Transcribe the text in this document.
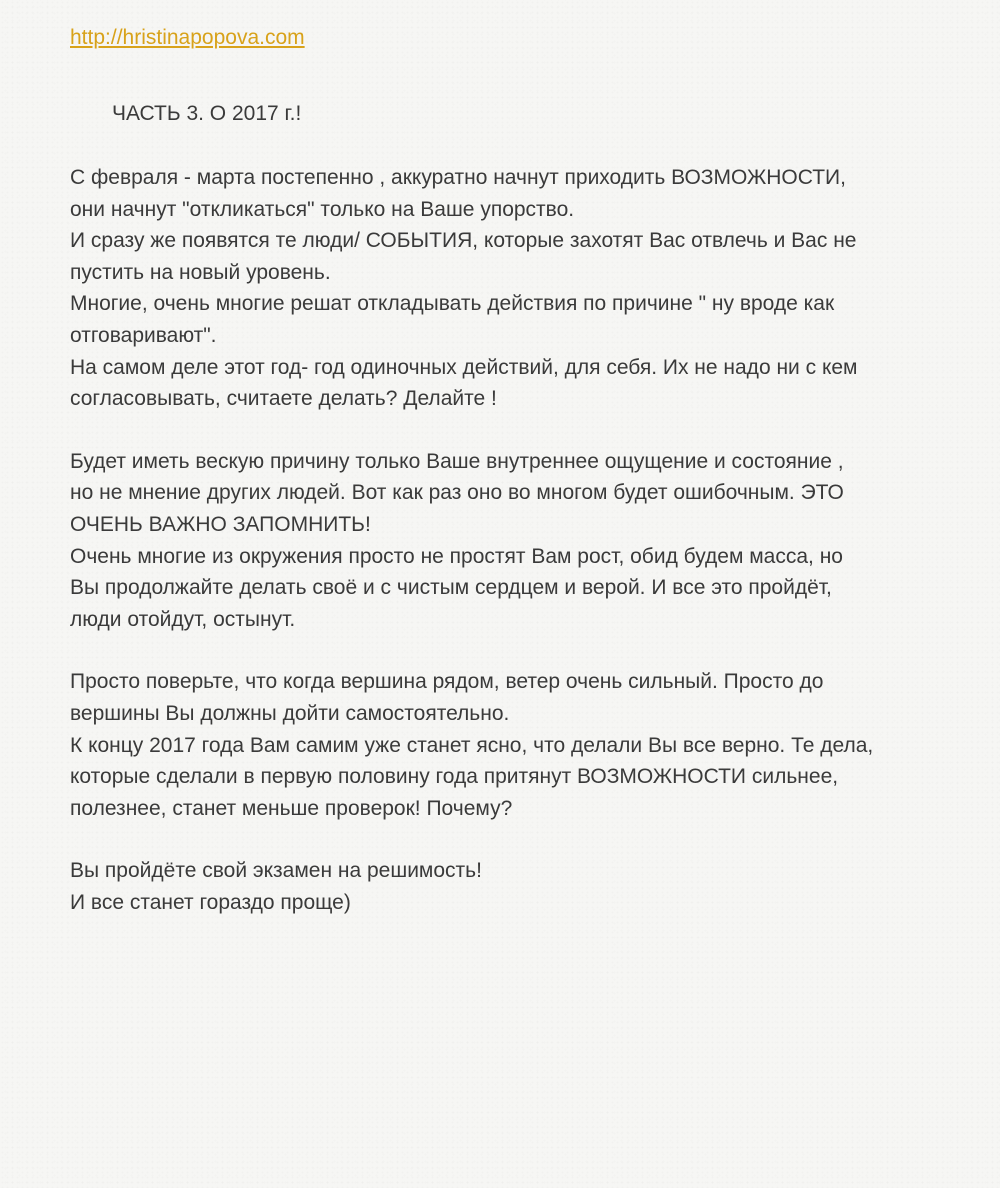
http://hristinapopova.com
ЧАСТЬ 3. О 2017 г.!
С февраля - марта постепенно , аккуратно начнут приходить ВОЗМОЖНОСТИ,
они начнут "откликаться" только на Ваше упорство.
И сразу же появятся те люди/ СОБЫТИЯ, которые захотят Вас отвлечь и Вас не
пустить на новый уровень.
Многие, очень многие решат откладывать действия по причине " ну вроде как
отговаривают".
На самом деле этот год- год одиночных действий, для себя. Их не надо ни с кем
согласовывать, считаете делать? Делайте !
Будет иметь вескую причину только Ваше внутреннее ощущение и состояние ,
но не мнение других людей. Вот как раз оно во многом будет ошибочным. ЭТО
ОЧЕНЬ ВАЖНО ЗАПОМНИТЬ!
Очень многие из окружения просто не простят Вам рост, обид будем масса, но
Вы продолжайте делать своё и с чистым сердцем и верой. И все это пройдёт,
люди отойдут, остынут.
Просто поверьте, что когда вершина рядом, ветер очень сильный. Просто до
вершины Вы должны дойти самостоятельно.
К концу 2017 года Вам самим уже станет ясно, что делали Вы все верно. Те дела,
которые сделали в первую половину года притянут ВОЗМОЖНОСТИ сильнее,
полезнее, станет меньше проверок! Почему?
Вы пройдёте свой экзамен на решимость!
И все станет гораздо проще)
